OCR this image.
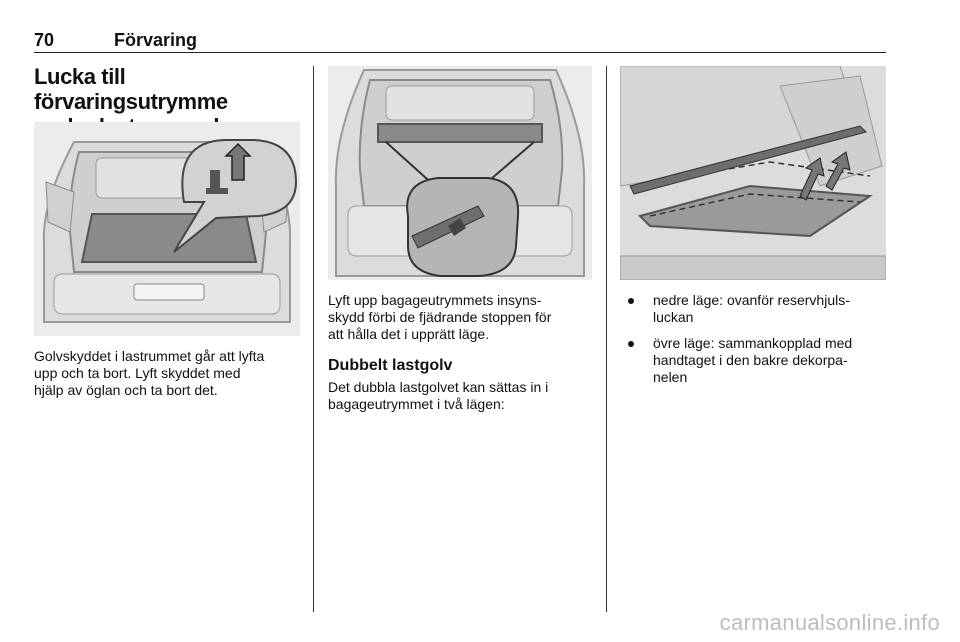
70	Förvaring
Lucka till förvaringsutrymme

Golvskyddet i lastrummet går att lyfta
upp och ta bort. Lyft skyddet med
hjälp av öglan och ta bort det.

Lyft upp bagageutrymmets insyns-
skydd förbi de fjädrande stoppen för
att hålla det i upprätt läge.

Dubbelt lastgolv

Det dubbla lastgolvet kan sättas in i
bagageutrymmet i två lägen:

nedre läge: ovanför reservhjuls-
luckan
övre läge: sammankopplad med
handtaget i den bakre dekorpa-
nelen
carmanualsonline.info
